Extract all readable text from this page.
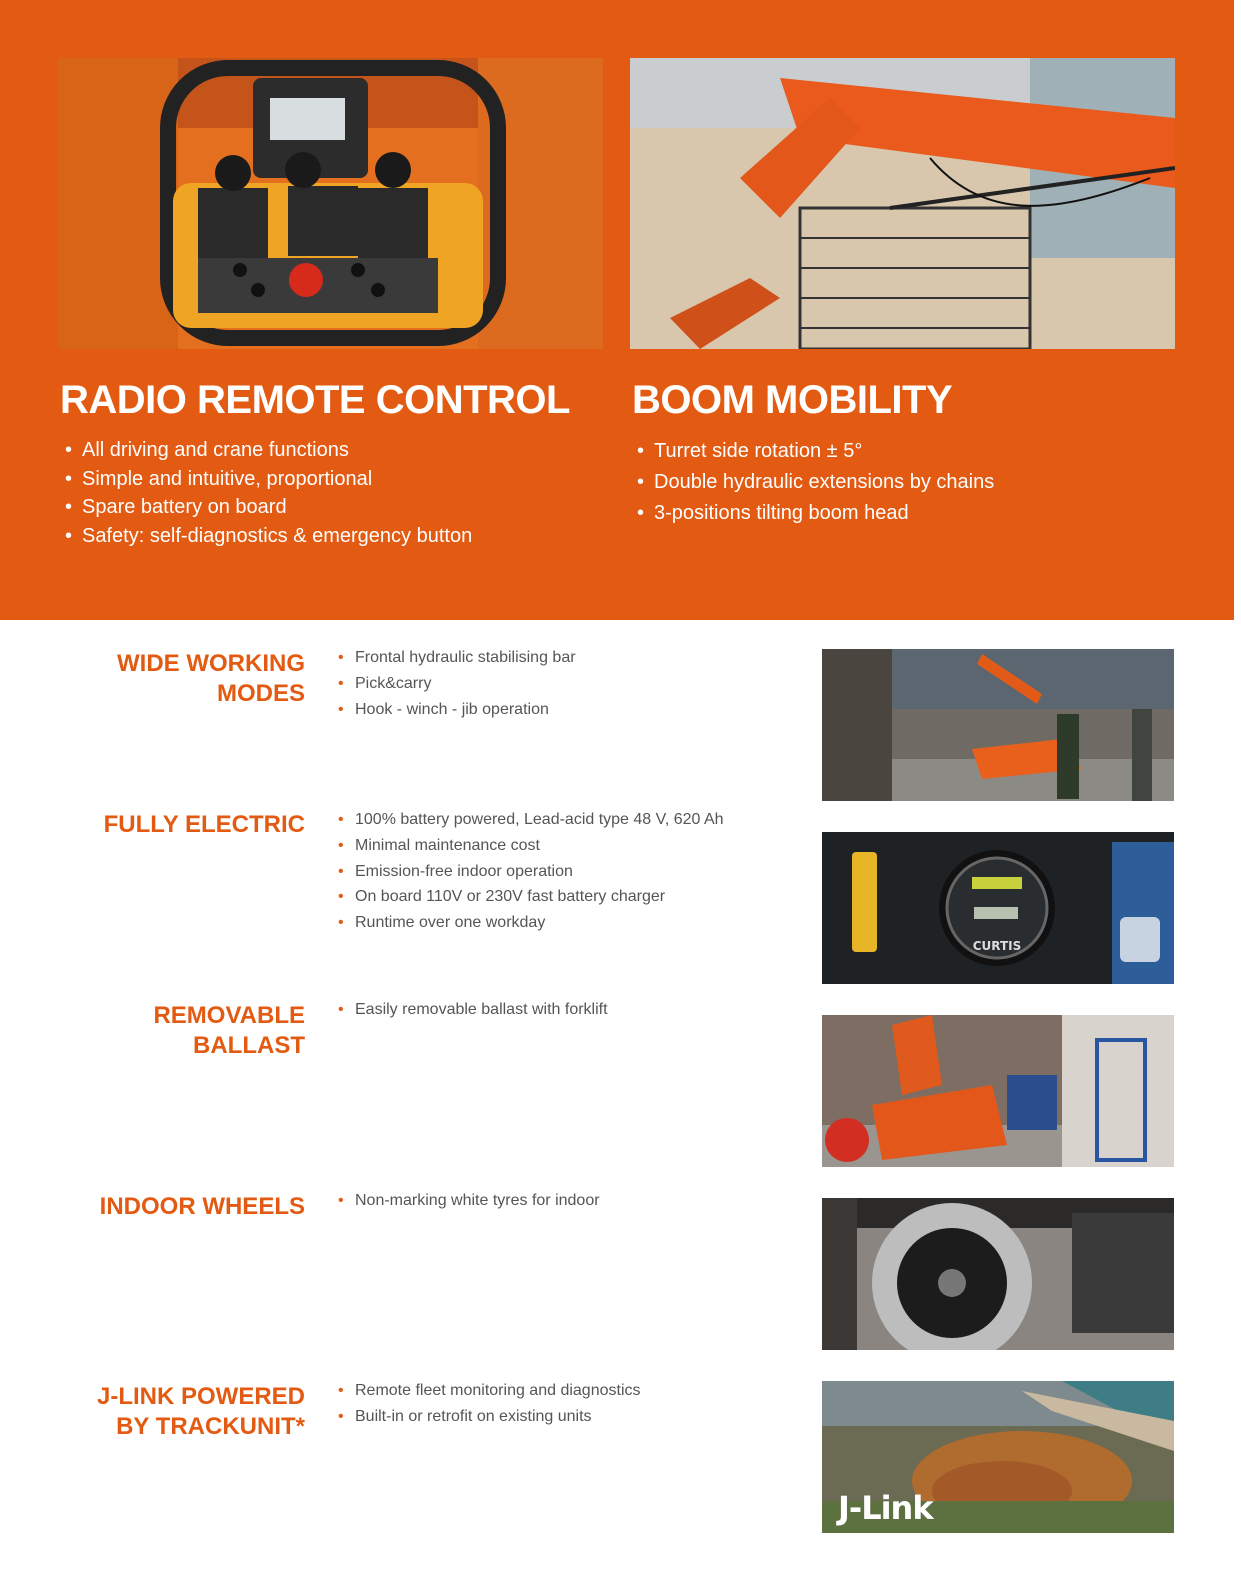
RADIO REMOTE CONTROL
• All driving and crane functions
• Simple and intuitive, proportional
• Spare battery on board
• Safety: self-diagnostics & emergency button
BOOM MOBILITY
• Turret side rotation ± 5°
• Double hydraulic extensions by chains
• 3-positions tilting boom head
WIDE WORKING
MODES
• Frontal hydraulic stabilising bar
• Pick&carry
• Hook - winch - jib operation
FULLY ELECTRIC	• 100% battery powered, Lead-acid type 48 V, 620 Ah
• Minimal maintenance cost
• Emission-free indoor operation
• On board 110V or 230V fast battery charger
• Runtime over one workday
CURTIS
REMOVABLE
BALLAST
• Easily removable ballast with forklift
INDOOR WHEELS	• Non-marking white tyres for indoor
J-LINK POWERED
BY TRACKUNIT*
• Remote fleet monitoring and diagnostics
• Built-in or retrofit on existing units
J-Link
